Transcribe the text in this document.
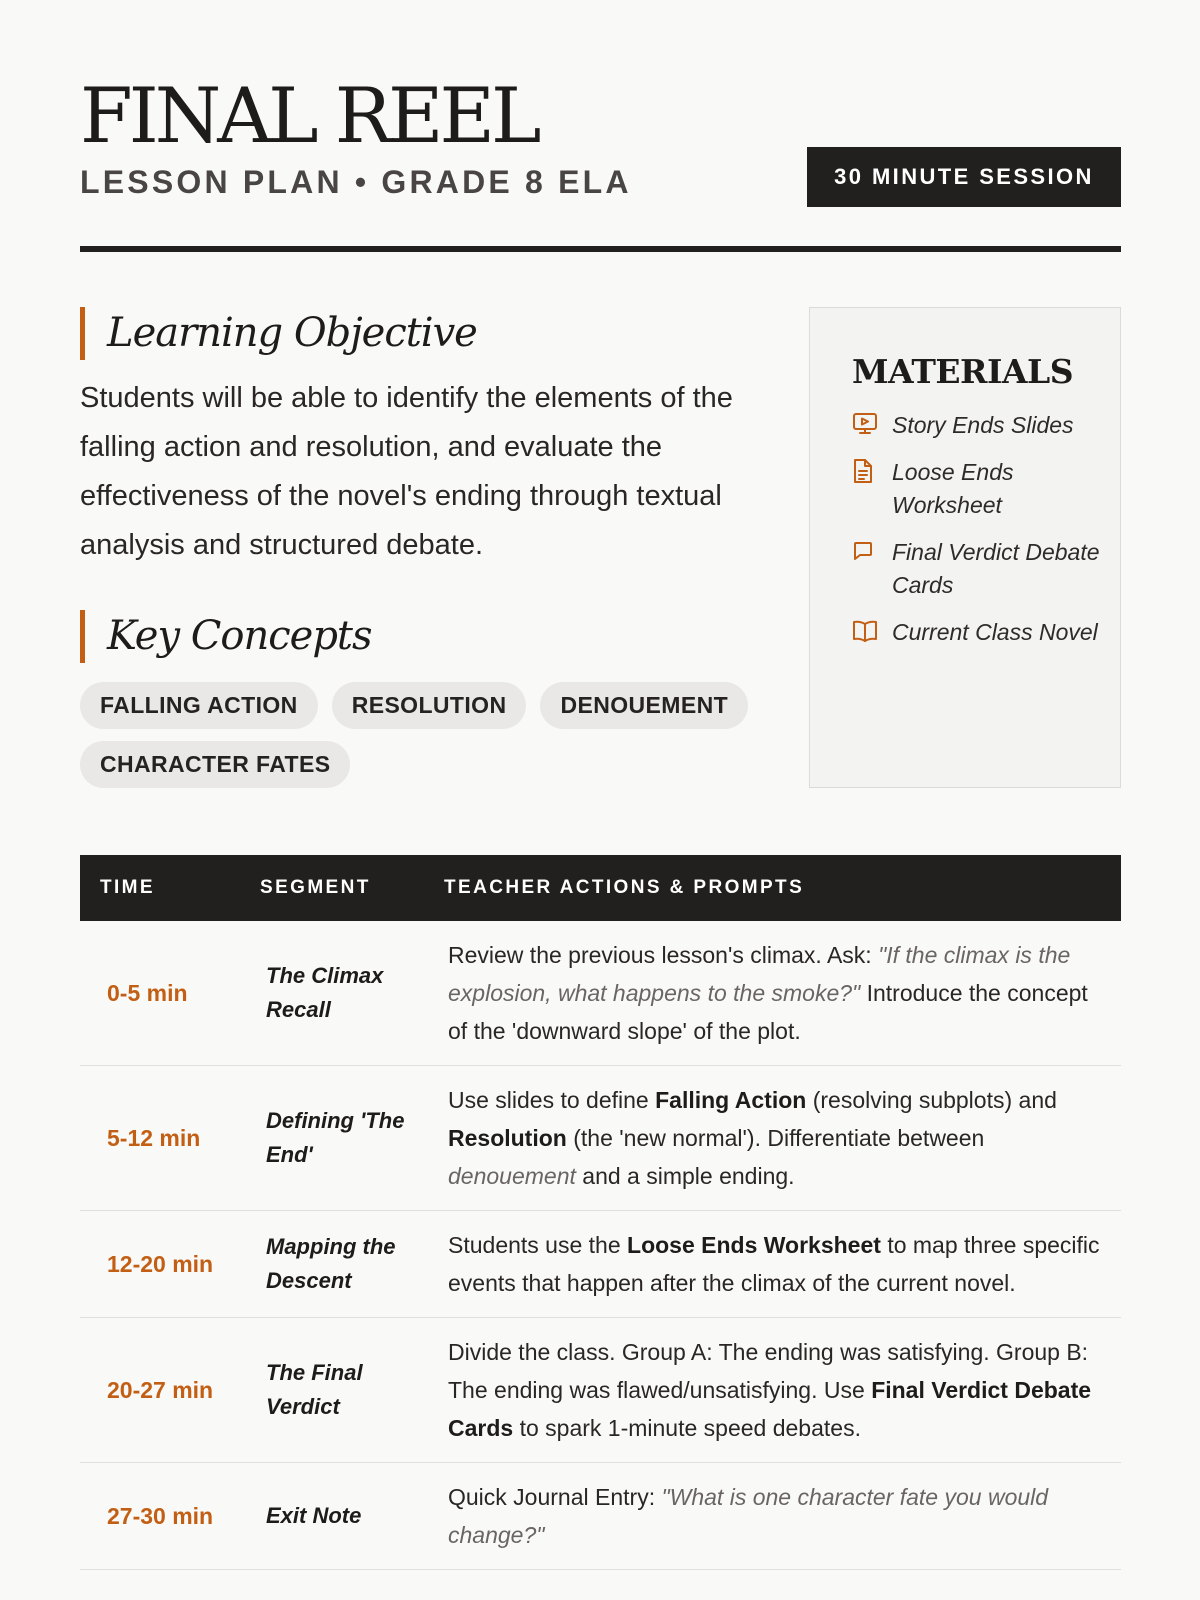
FINAL REEL
LESSON PLAN • GRADE 8 ELA	30 MINUTE SESSION
Learning Objective

Students will be able to identify the elements of the falling action and resolution, and evaluate the effectiveness of the novel's ending through textual analysis and structured debate.

Key Concepts
FALLING ACTION	RESOLUTION	DENOUEMENT
CHARACTER FATES
MATERIALS
Story Ends Slides
Loose Ends Worksheet
Final Verdict Debate Cards
Current Class Novel
TIME	SEGMENT	TEACHER ACTIONS & PROMPTS
0-5 min	The Climax Recall	Review the previous lesson's climax. Ask: "If the climax is the explosion, what happens to the smoke?" Introduce the concept of the 'downward slope' of the plot.
5-12 min	Defining 'The End'	Use slides to define Falling Action (resolving subplots) and Resolution (the 'new normal'). Differentiate between denouement and a simple ending.
12-20 min	Mapping the Descent	Students use the Loose Ends Worksheet to map three specific events that happen after the climax of the current novel.
20-27 min	The Final Verdict	Divide the class. Group A: The ending was satisfying. Group B: The ending was flawed/unsatisfying. Use Final Verdict Debate Cards to spark 1-minute speed debates.
27-30 min	Exit Note	Quick Journal Entry: "What is one character fate you would change?"
